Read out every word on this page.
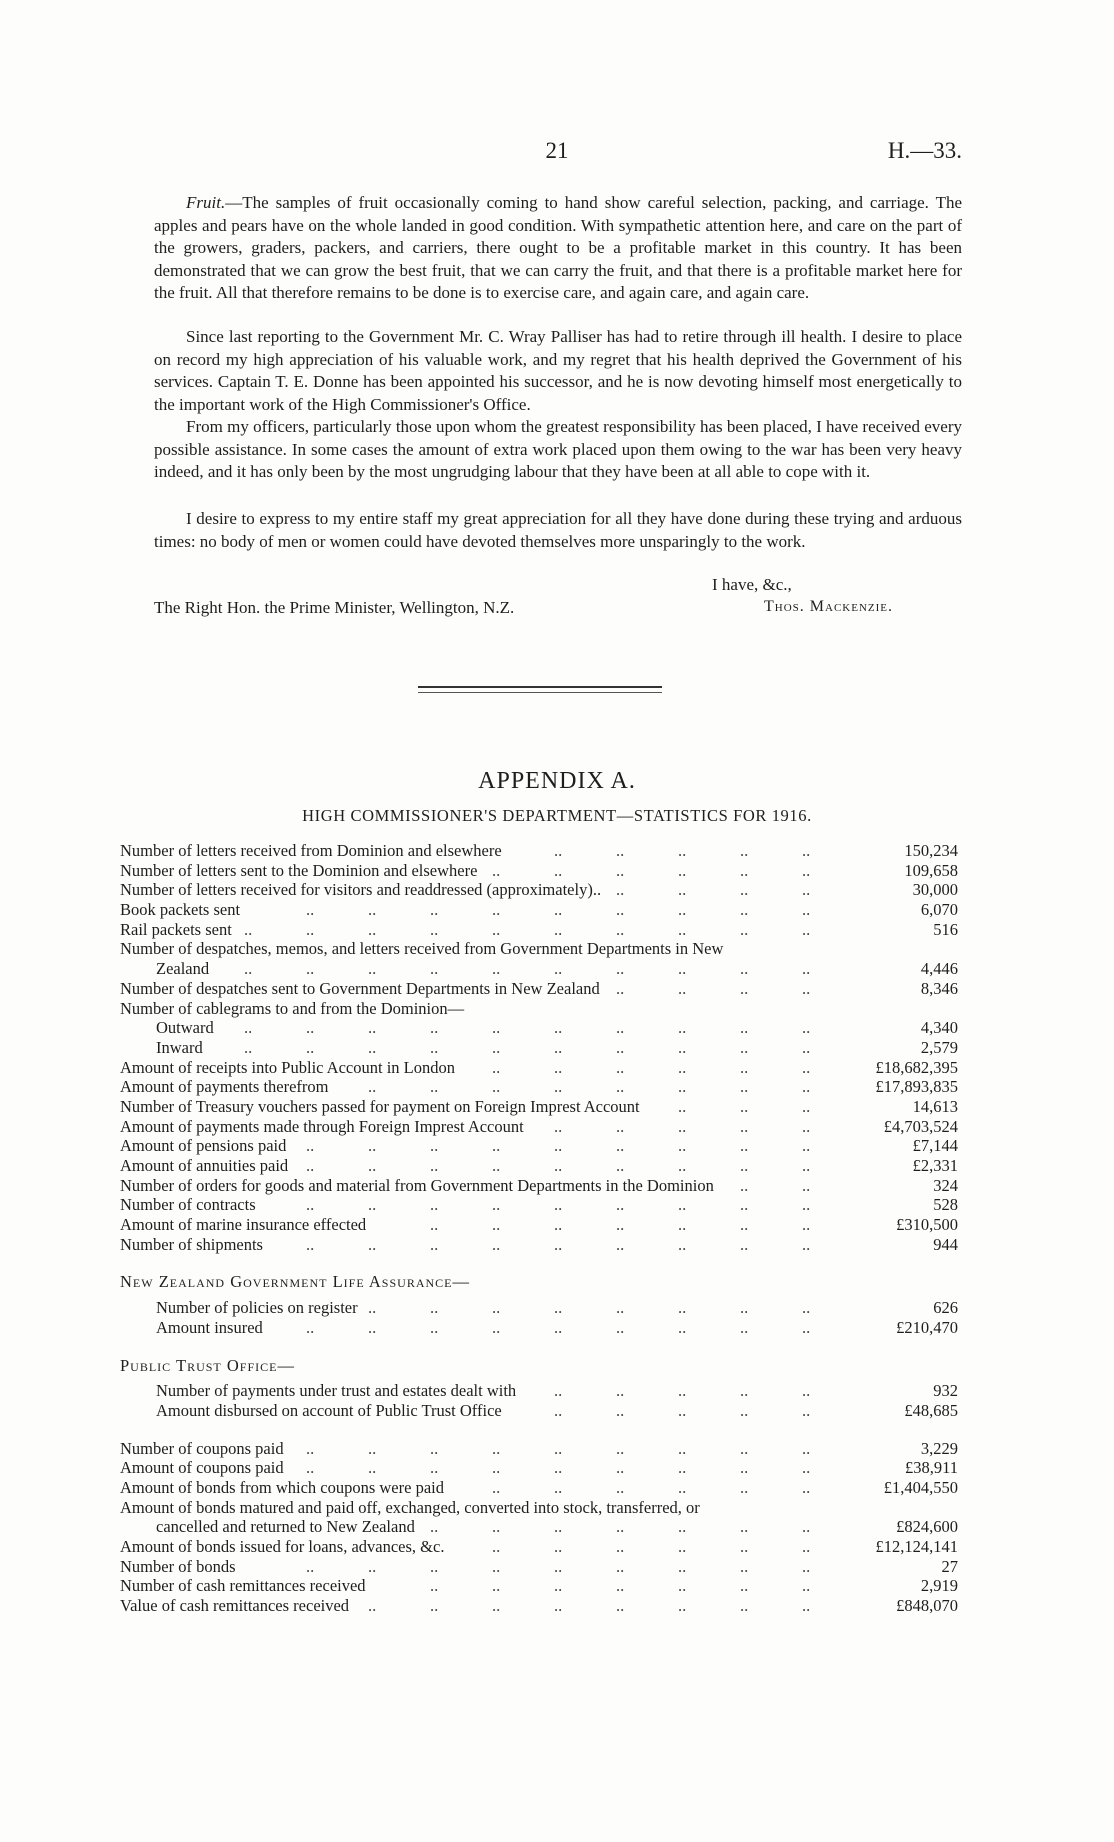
21	H.—33.
Fruit.—The samples of fruit occasionally coming to hand show careful selection, packing, and carriage. The apples and pears have on the whole landed in good condition. With sympathetic attention here, and care on the part of the growers, graders, packers, and carriers, there ought to be a profitable market in this country. It has been demonstrated that we can grow the best fruit, that we can carry the fruit, and that there is a profitable market here for the fruit. All that therefore remains to be done is to exercise care, and again care, and again care.
Since last reporting to the Government Mr. C. Wray Palliser has had to retire through ill health. I desire to place on record my high appreciation of his valuable work, and my regret that his health deprived the Government of his services. Captain T. E. Donne has been appointed his successor, and he is now devoting himself most energetically to the important work of the High Commissioner's Office.
From my officers, particularly those upon whom the greatest responsibility has been placed, I have received every possible assistance. In some cases the amount of extra work placed upon them owing to the war has been very heavy indeed, and it has only been by the most ungrudging labour that they have been at all able to cope with it.
I desire to express to my entire staff my great appreciation for all they have done during these trying and arduous times: no body of men or women could have devoted themselves more unsparingly to the work.
I have, &c.,
The Right Hon. the Prime Minister, Wellington, N.Z.	Thos. Mackenzie.
APPENDIX A.
HIGH COMMISSIONER'S DEPARTMENT—STATISTICS FOR 1916.
Number of letters received from Dominion and elsewhere	150,234
..	..	..	..	..
Number of letters sent to the Dominion and elsewhere	109,658
..	..	..	..	..	..
Number of letters received for visitors and readdressed (approximately)..	30,000
..	..	..	..
Book packets sent	6,070
..	..	..	..	..	..	..	..	..
Rail packets sent	516
..	..	..	..	..	..	..	..	..	..
Number of despatches, memos, and letters received from Government Departments in New
Zealand	4,446
..	..	..	..	..	..	..	..	..	..
Number of despatches sent to Government Departments in New Zealand	8,346
..	..	..	..
Number of cablegrams to and from the Dominion—
Outward	4,340
..	..	..	..	..	..	..	..	..	..
Inward	2,579
..	..	..	..	..	..	..	..	..	..
Amount of receipts into Public Account in London	£18,682,395
..	..	..	..	..	..
Amount of payments therefrom	£17,893,835
..	..	..	..	..	..	..	..
Number of Treasury vouchers passed for payment on Foreign Imprest Account	14,613
..	..	..
Amount of payments made through Foreign Imprest Account	£4,703,524
..	..	..	..	..
Amount of pensions paid	£7,144
..	..	..	..	..	..	..	..	..
Amount of annuities paid	£2,331
..	..	..	..	..	..	..	..	..
Number of orders for goods and material from Government Departments in the Dominion	324
..	..
Number of contracts	528
..	..	..	..	..	..	..	..	..
Amount of marine insurance effected	£310,500
..	..	..	..	..	..	..
Number of shipments	944
..	..	..	..	..	..	..	..	..
New Zealand Government Life Assurance—
Number of policies on register	626
..	..	..	..	..	..	..	..
Amount insured	£210,470
..	..	..	..	..	..	..	..	..
Public Trust Office—
Number of payments under trust and estates dealt with	932
..	..	..	..	..
Amount disbursed on account of Public Trust Office	£48,685
..	..	..	..	..
Number of coupons paid	3,229
..	..	..	..	..	..	..	..	..
Amount of coupons paid	£38,911
..	..	..	..	..	..	..	..	..
Amount of bonds from which coupons were paid	£1,404,550
..	..	..	..	..	..
Amount of bonds matured and paid off, exchanged, converted into stock, transferred, or
cancelled and returned to New Zealand	£824,600
..	..	..	..	..	..	..
Amount of bonds issued for loans, advances, &c.	£12,124,141
..	..	..	..	..	..
Number of bonds	27
..	..	..	..	..	..	..	..	..
Number of cash remittances received	2,919
..	..	..	..	..	..	..
Value of cash remittances received	£848,070
..	..	..	..	..	..	..	..
